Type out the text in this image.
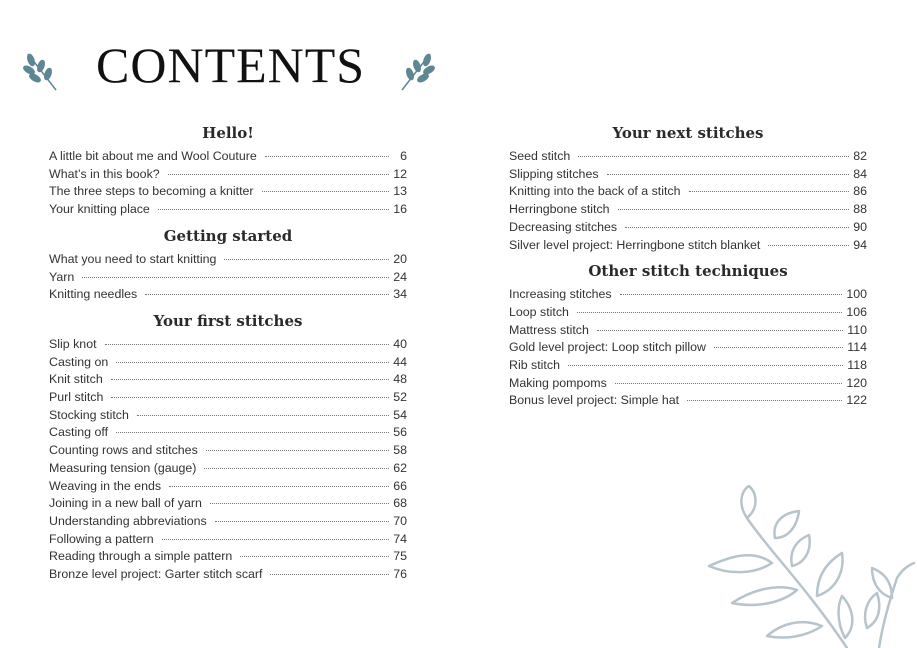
CONTENTS
Hello!
A little bit about me and Wool Couture	6
What’s in this book?	12
The three steps to becoming a knitter	13
Your knitting place	16
Getting started
What you need to start knitting	20
Yarn	24
Knitting needles	34
Your first stitches
Slip knot	40
Casting on	44
Knit stitch	48
Purl stitch	52
Stocking stitch	54
Casting off	56
Counting rows and stitches	58
Measuring tension (gauge)	62
Weaving in the ends	66
Joining in a new ball of yarn	68
Understanding abbreviations	70
Following a pattern	74
Reading through a simple pattern	75
Bronze level project: Garter stitch scarf	76
Your next stitches
Seed stitch	82
Slipping stitches	84
Knitting into the back of a stitch	86
Herringbone stitch	88
Decreasing stitches	90
Silver level project: Herringbone stitch blanket	94
Other stitch techniques
Increasing stitches	100
Loop stitch	106
Mattress stitch	110
Gold level project: Loop stitch pillow	114
Rib stitch	118
Making pompoms	120
Bonus level project: Simple hat	122
